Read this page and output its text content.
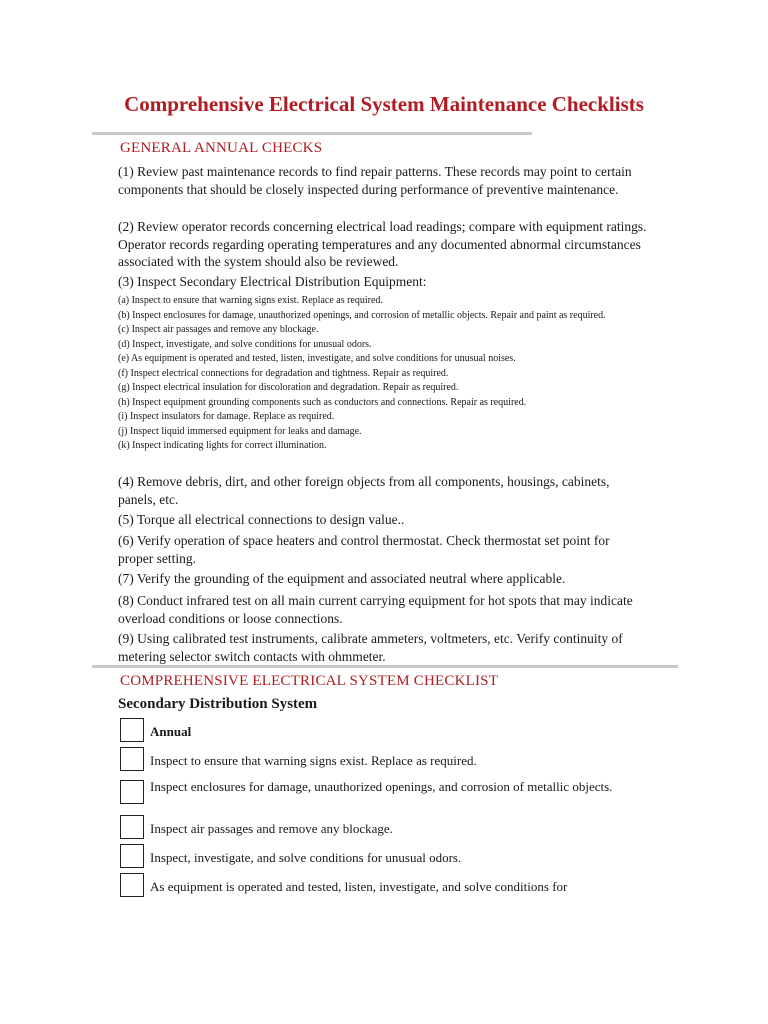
Comprehensive Electrical System Maintenance Checklists
GENERAL ANNUAL CHECKS

(1) Review past maintenance records to find repair patterns. These records may point to certain components that should be closely inspected during performance of preventive maintenance.

(2) Review operator records concerning electrical load readings; compare with equipment ratings. Operator records regarding operating temperatures and any documented abnormal circumstances associated with the system should also be reviewed.

(3) Inspect Secondary Electrical Distribution Equipment:

(a) Inspect to ensure that warning signs exist. Replace as required.
(b) Inspect enclosures for damage, unauthorized openings, and corrosion of metallic objects. Repair and paint as required.
(c) Inspect air passages and remove any blockage.
(d) Inspect, investigate, and solve conditions for unusual odors.
(e) As equipment is operated and tested, listen, investigate, and solve conditions for unusual noises.
(f) Inspect electrical connections for degradation and tightness. Repair as required.
(g) Inspect electrical insulation for discoloration and degradation. Repair as required.
(h) Inspect equipment grounding components such as conductors and connections. Repair as required.
(i) Inspect insulators for damage. Replace as required.
(j) Inspect liquid immersed equipment for leaks and damage.
(k) Inspect indicating lights for correct illumination.

(4) Remove debris, dirt, and other foreign objects from all components, housings, cabinets, panels, etc.

(5) Torque all electrical connections to design value..

(6) Verify operation of space heaters and control thermostat. Check thermostat set point for proper setting.

(7) Verify the grounding of the equipment and associated neutral where applicable.

(8) Conduct infrared test on all main current carrying equipment for hot spots that may indicate overload conditions or loose connections.

(9) Using calibrated test instruments, calibrate ammeters, voltmeters, etc. Verify continuity of metering selector switch contacts with ohmmeter.

COMPREHENSIVE ELECTRICAL SYSTEM CHECKLIST
Secondary Distribution System

Annual

Inspect to ensure that warning signs exist. Replace as required.

Inspect enclosures for damage, unauthorized openings, and corrosion of metallic objects.

Inspect air passages and remove any blockage.

Inspect, investigate, and solve conditions for unusual odors.

As equipment is operated and tested, listen, investigate, and solve conditions for
